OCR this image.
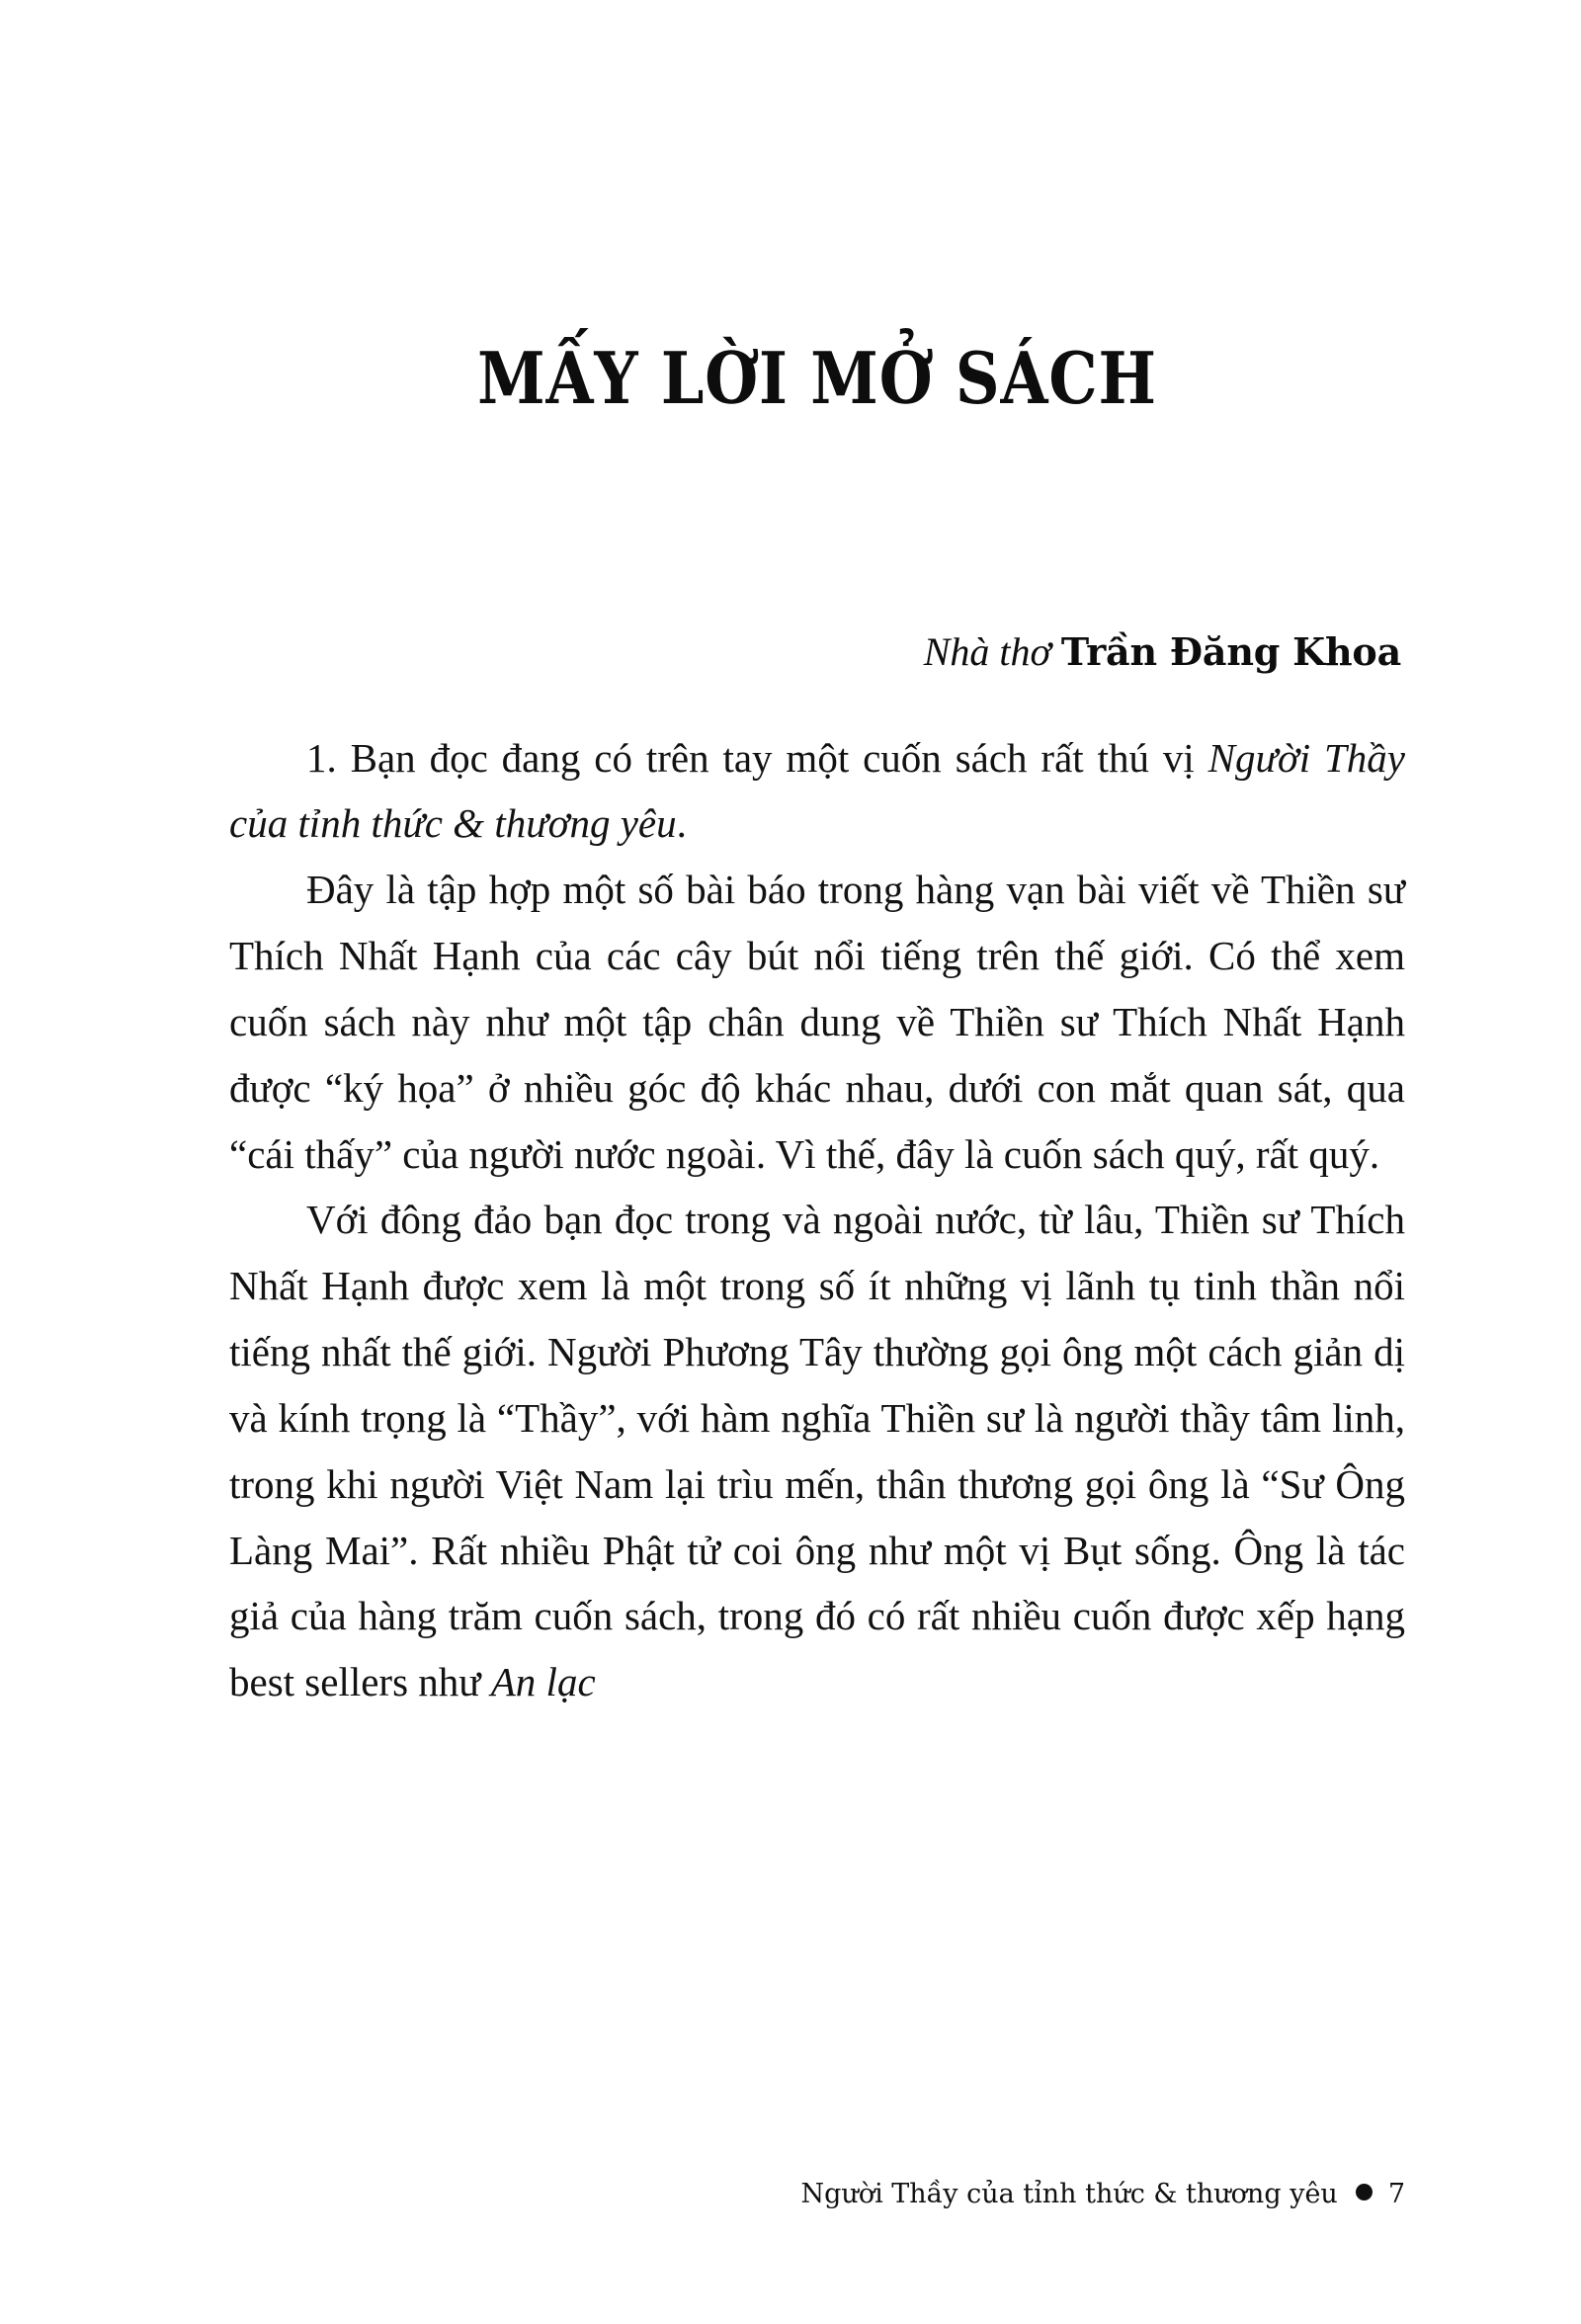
MẤY LỜI MỞ SÁCH
Nhà thơ Trần Đăng Khoa

1. Bạn đọc đang có trên tay một cuốn sách rất thú vị Người Thầy của tỉnh thức & thương yêu.

Đây là tập hợp một số bài báo trong hàng vạn bài viết về Thiền sư Thích Nhất Hạnh của các cây bút nổi tiếng trên thế giới. Có thể xem cuốn sách này như một tập chân dung về Thiền sư Thích Nhất Hạnh được “ký họa” ở nhiều góc độ khác nhau, dưới con mắt quan sát, qua “cái thấy” của người nước ngoài. Vì thế, đây là cuốn sách quý, rất quý.

Với đông đảo bạn đọc trong và ngoài nước, từ lâu, Thiền sư Thích Nhất Hạnh được xem là một trong số ít những vị lãnh tụ tinh thần nổi tiếng nhất thế giới. Người Phương Tây thường gọi ông một cách giản dị và kính trọng là “Thầy”, với hàm nghĩa Thiền sư là người thầy tâm linh, trong khi người Việt Nam lại trìu mến, thân thương gọi ông là “Sư Ông Làng Mai”. Rất nhiều Phật tử coi ông như một vị Bụt sống. Ông là tác giả của hàng trăm cuốn sách, trong đó có rất nhiều cuốn được xếp hạng best sellers như An lạc

Người Thầy của tỉnh thức & thương yêu 7
